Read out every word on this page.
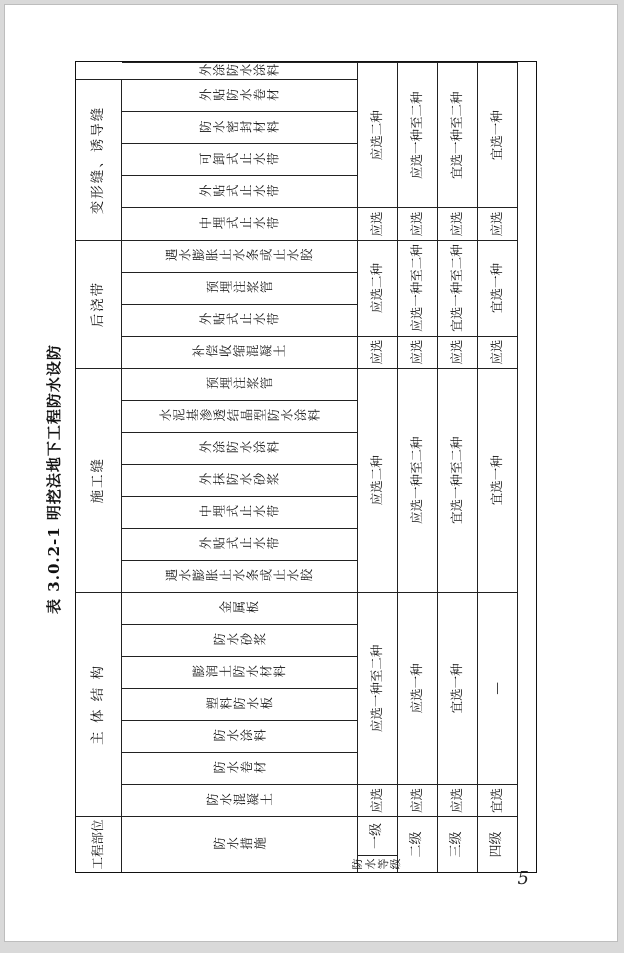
表 3.0.2-1 明挖法地下工程防水设防
工程部位
主 体 结 构
施工缝
后浇带
变形缝、诱导缝
防水措施
防水混凝土
防水卷材
防水涂料
塑料防水板
膨润土防水材料
防水砂浆
金属板
遇水膨胀止水条或止水胶
外贴式止水带
中埋式止水带
外抹防水砂浆
外涂防水涂料
水泥基渗透结晶型防水涂料
预埋注浆管
补偿收缩混凝土
外贴式止水带
预埋注浆管
遇水膨胀止水条或止水胶
中埋式止水带
外贴式止水带
可卸式止水带
防水密封材料
外贴防水卷材
外涂防水涂料
防水等级
一级
应选
应选一种至二种
应选二种
应选
应选二种
应选
应选二种
二级
应选
应选一种
应选一种至二种
应选
应选一种至二种
应选
应选一种至二种
三级
应选
宜选一种
宜选一种至二种
应选
宜选一种至二种
应选
宜选一种至二种
四级
宜选
—
宜选一种
应选
宜选一种
应选
宜选一种
5
